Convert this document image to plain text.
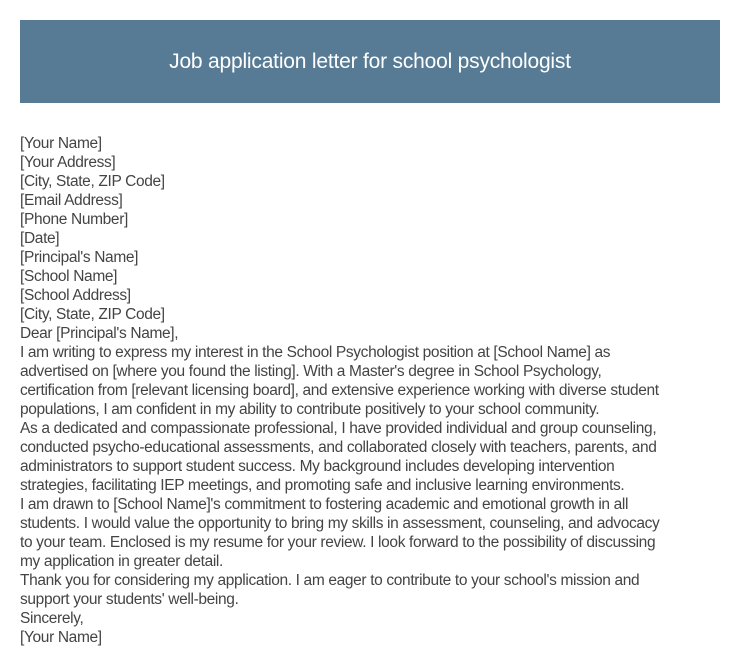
Job application letter for school psychologist
[Your Name]
[Your Address]
[City, State, ZIP Code]
[Email Address]
[Phone Number]
[Date]
[Principal's Name]
[School Name]
[School Address]
[City, State, ZIP Code]
Dear [Principal's Name],
I am writing to express my interest in the School Psychologist position at [School Name] as
advertised on [where you found the listing]. With a Master's degree in School Psychology,
certification from [relevant licensing board], and extensive experience working with diverse student
populations, I am confident in my ability to contribute positively to your school community.
As a dedicated and compassionate professional, I have provided individual and group counseling,
conducted psycho-educational assessments, and collaborated closely with teachers, parents, and
administrators to support student success. My background includes developing intervention
strategies, facilitating IEP meetings, and promoting safe and inclusive learning environments.
I am drawn to [School Name]'s commitment to fostering academic and emotional growth in all
students. I would value the opportunity to bring my skills in assessment, counseling, and advocacy
to your team. Enclosed is my resume for your review. I look forward to the possibility of discussing
my application in greater detail.
Thank you for considering my application. I am eager to contribute to your school's mission and
support your students' well-being.
Sincerely,
[Your Name]
